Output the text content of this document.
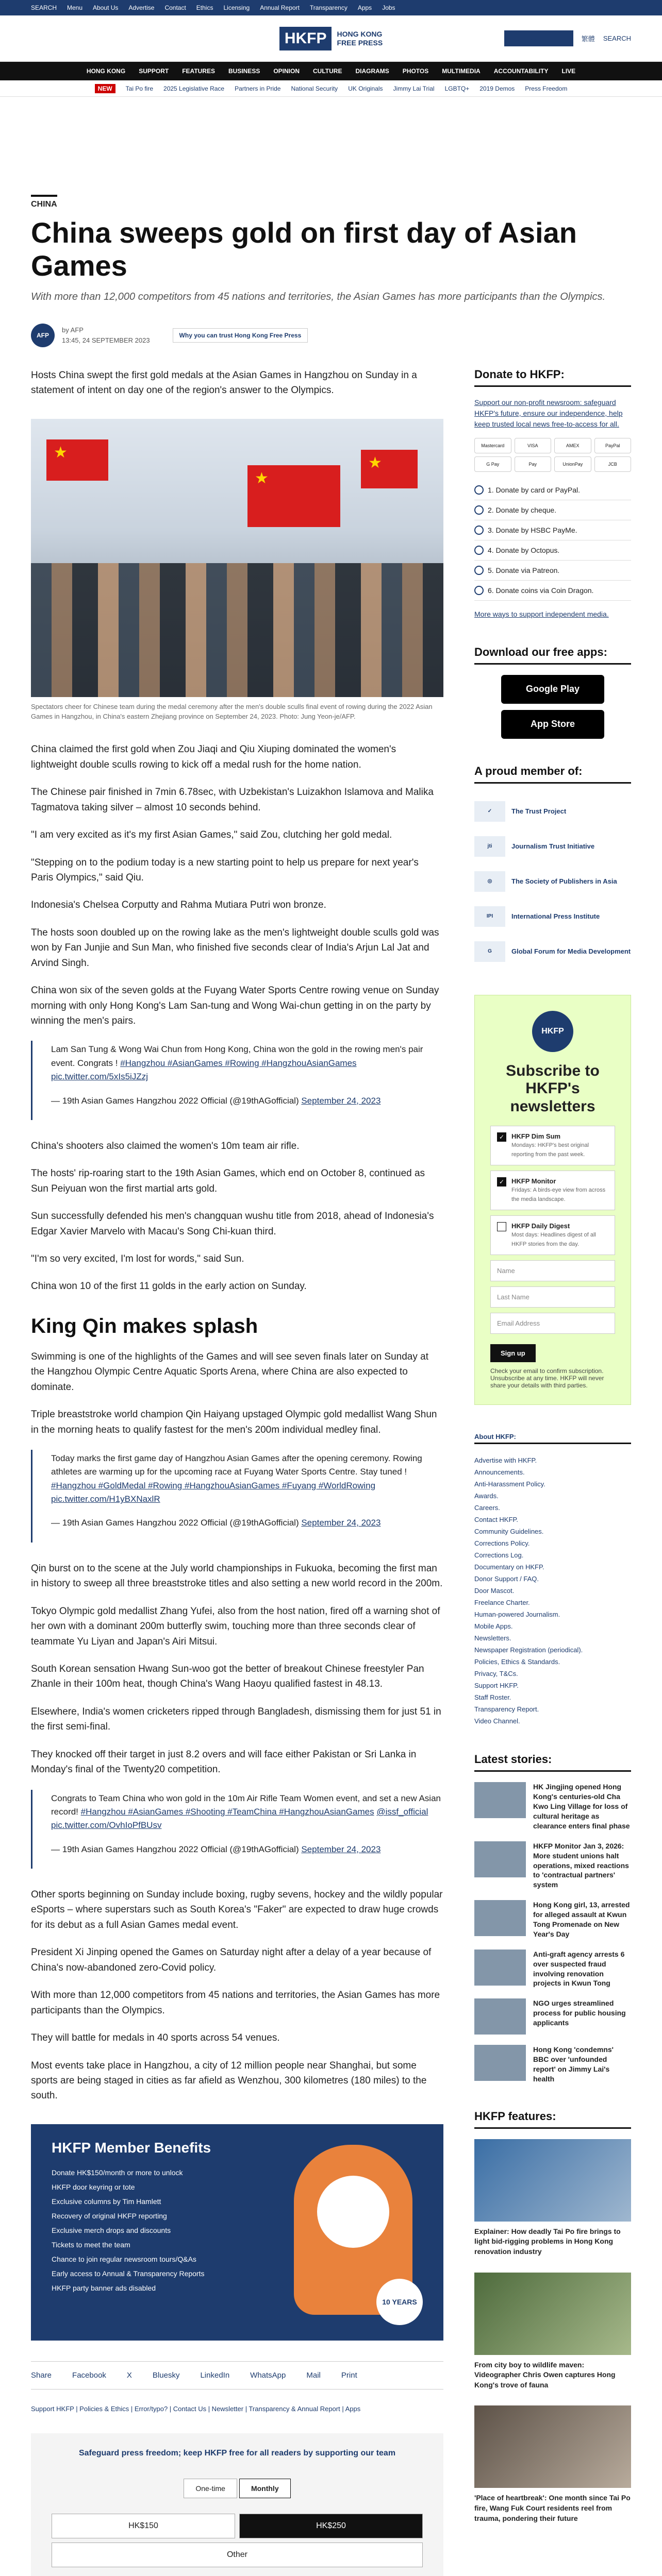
SEARCH Menu About Us Advertise Contact Ethics Licensing Annual Report Transparency Apps Jobs
HKFP	HONG KONG
FREE PRESS	SUPPORT HKFP	繁體 SEARCH
HONG KONG SUPPORT FEATURES BUSINESS OPINION CULTURE DIAGRAMS PHOTOS MULTIMEDIA ACCOUNTABILITY LIVE
NEW	Tai Po fire 2025 Legislative Race Partners in Pride National Security UK Originals Jimmy Lai Trial LGBTQ+ 2019 Demos Press Freedom
CHINA
China sweeps gold on first day of Asian Games
With more than 12,000 competitors from 45 nations and territories, the Asian Games has more participants than the Olympics.
AFP
by AFP
13:45, 24 SEPTEMBER 2023
Why you can trust Hong Kong Free Press

Hosts China swept the first gold medals at the Asian Games in Hangzhou on Sunday in a statement of intent on day one of the region's answer to the Olympics.

★
★
★
Spectators cheer for Chinese team during the medal ceremony after the men's double sculls final event of rowing during the 2022 Asian Games in Hangzhou, in China's eastern Zhejiang province on September 24, 2023. Photo: Jung Yeon-je/AFP.

China claimed the first gold when Zou Jiaqi and Qiu Xiuping dominated the women's lightweight double sculls rowing to kick off a medal rush for the home nation.

The Chinese pair finished in 7min 6.78sec, with Uzbekistan's Luizakhon Islamova and Malika Tagmatova taking silver – almost 10 seconds behind.

"I am very excited as it's my first Asian Games," said Zou, clutching her gold medal.

"Stepping on to the podium today is a new starting point to help us prepare for next year's Paris Olympics," said Qiu.

Indonesia's Chelsea Corputty and Rahma Mutiara Putri won bronze.

The hosts soon doubled up on the rowing lake as the men's lightweight double sculls gold was won by Fan Junjie and Sun Man, who finished five seconds clear of India's Arjun Lal Jat and Arvind Singh.

China won six of the seven golds at the Fuyang Water Sports Centre rowing venue on Sunday morning with only Hong Kong's Lam San-tung and Wong Wai-chun getting in on the party by winning the men's pairs.

Lam San Tung & Wong Wai Chun from Hong Kong, China won the gold in the rowing men's pair event. Congrats ! #Hangzhou #AsianGames #Rowing #HangzhouAsianGames pic.twitter.com/5xIs5iJZzj

— 19th Asian Games Hangzhou 2022 Official (@19thAGofficial) September 24, 2023

China's shooters also claimed the women's 10m team air rifle.

The hosts' rip-roaring start to the 19th Asian Games, which end on October 8, continued as Sun Peiyuan won the first martial arts gold.

Sun successfully defended his men's changquan wushu title from 2018, ahead of Indonesia's Edgar Xavier Marvelo with Macau's Song Chi-kuan third.

"I'm so very excited, I'm lost for words," said Sun.

China won 10 of the first 11 golds in the early action on Sunday.

King Qin makes splash

Swimming is one of the highlights of the Games and will see seven finals later on Sunday at the Hangzhou Olympic Centre Aquatic Sports Arena, where China are also expected to dominate.

Triple breaststroke world champion Qin Haiyang upstaged Olympic gold medallist Wang Shun in the morning heats to qualify fastest for the men's 200m individual medley final.

Today marks the first game day of Hangzhou Asian Games after the opening ceremony. Rowing athletes are warming up for the upcoming race at Fuyang Water Sports Centre. Stay tuned ! #Hangzhou #GoldMedal #Rowing #HangzhouAsianGames #Fuyang #WorldRowing pic.twitter.com/H1yBXNaxlR

— 19th Asian Games Hangzhou 2022 Official (@19thAGofficial) September 24, 2023

Qin burst on to the scene at the July world championships in Fukuoka, becoming the first man in history to sweep all three breaststroke titles and also setting a new world record in the 200m.

Tokyo Olympic gold medallist Zhang Yufei, also from the host nation, fired off a warning shot of her own with a dominant 200m butterfly swim, touching more than three seconds clear of teammate Yu Liyan and Japan's Airi Mitsui.

South Korean sensation Hwang Sun-woo got the better of breakout Chinese freestyler Pan Zhanle in their 100m heat, though China's Wang Haoyu qualified fastest in 48.13.

Elsewhere, India's women cricketers ripped through Bangladesh, dismissing them for just 51 in the first semi-final.

They knocked off their target in just 8.2 overs and will face either Pakistan or Sri Lanka in Monday's final of the Twenty20 competition.

Congrats to Team China who won gold in the 10m Air Rifle Team Women event, and set a new Asian record! #Hangzhou #AsianGames #Shooting #TeamChina #HangzhouAsianGames @issf_official pic.twitter.com/OvhIoPfBUsv

— 19th Asian Games Hangzhou 2022 Official (@19thAGofficial) September 24, 2023

Other sports beginning on Sunday include boxing, rugby sevens, hockey and the wildly popular eSports – where superstars such as South Korea's "Faker" are expected to draw huge crowds for its debut as a full Asian Games medal event.

President Xi Jinping opened the Games on Saturday night after a delay of a year because of China's now-abandoned zero-Covid policy.

With more than 12,000 competitors from 45 nations and territories, the Asian Games has more participants than the Olympics.

They will battle for medals in 40 sports across 54 venues.

Most events take place in Hangzhou, a city of 12 million people near Shanghai, but some sports are being staged in cities as far afield as Wenzhou, 300 kilometres (180 miles) to the south.

HKFP Member Benefits
Donate HK$150/month or more to unlock
HKFP door keyring or tote
Exclusive columns by Tim Hamlett
Recovery of original HKFP reporting
Exclusive merch drops and discounts
Tickets to meet the team
Chance to join regular newsroom tours/Q&As
Early access to Annual & Transparency Reports
HKFP party banner ads disabled
10 YEARS
Share	Facebook	X	Bluesky	LinkedIn	WhatsApp	Mail	Print
Support HKFP | Policies & Ethics | Error/typo? | Contact Us | Newsletter | Transparency & Annual Report | Apps
Safeguard press freedom; keep HKFP free for all readers by supporting our team
One-time	Monthly
HK$150	HK$250
Other
Donate to HKFP:

Support our non-profit newsroom: safeguard HKFP's future, ensure our independence, help keep trusted local news free-to-access for all.

Mastercard	VISA	AMEX	PayPal
G Pay	Pay	UnionPay	JCB
1. Donate by card or PayPal.
2. Donate by cheque.
3. Donate by HSBC PayMe.
4. Donate by Octopus.
5. Donate via Patreon.
6. Donate coins via Coin Dragon.

More ways to support independent media.

Download our free apps:
Google Play
App Store
A proud member of:
✓	The Trust Project
jti	Journalism Trust Initiative
◎	The Society of Publishers in Asia
IPI	International Press Institute
G	Global Forum for Media Development
HKFP
Subscribe to HKFP's newsletters
✓	HKFP Dim Sum
Mondays: HKFP's best original reporting from the past week.
✓	HKFP Monitor
Fridays: A birds-eye view from across the media landscape.
HKFP Daily Digest
Most days: Headlines digest of all HKFP stories from the day.
Name
Last Name
Email Address
Sign up
Check your email to confirm subscription. Unsubscribe at any time. HKFP will never share your details with third parties.
About HKFP:
Advertise with HKFP.
Announcements.
Anti-Harassment Policy.
Awards.
Careers.
Contact HKFP.
Community Guidelines.
Corrections Policy.
Corrections Log.
Documentary on HKFP.
Donor Support / FAQ.
Door Mascot.
Freelance Charter.
Human-powered Journalism.
Mobile Apps.
Newsletters.
Newspaper Registration (periodical).
Policies, Ethics & Standards.
Privacy, T&Cs.
Support HKFP.
Staff Roster.
Transparency Report.
Video Channel.
Latest stories:
HK Jingjing opened Hong Kong's centuries-old Cha Kwo Ling Village for loss of cultural heritage as clearance enters final phase
HKFP Monitor Jan 3, 2026: More student unions halt operations, mixed reactions to 'contractual partners' system
Hong Kong girl, 13, arrested for alleged assault at Kwun Tong Promenade on New Year's Day
Anti-graft agency arrests 6 over suspected fraud involving renovation projects in Kwun Tong
NGO urges streamlined process for public housing applicants
Hong Kong 'condemns' BBC over 'unfounded report' on Jimmy Lai's health
HKFP features:
Explainer: How deadly Tai Po fire brings to light bid-rigging problems in Hong Kong renovation industry
From city boy to wildlife maven: Videographer Chris Owen captures Hong Kong's trove of fauna
'Place of heartbreak': One month since Tai Po fire, Wang Fuk Court residents reel from trauma, pondering their future
